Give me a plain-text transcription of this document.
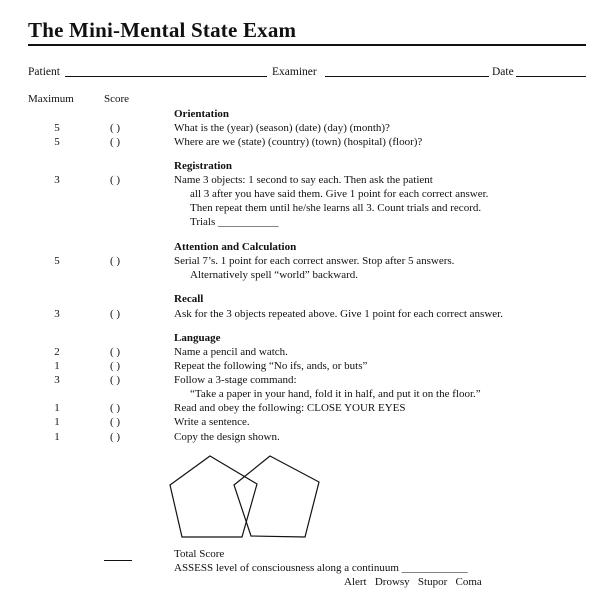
The Mini-Mental State Exam
Patient	Examiner	Date
Maximum	Score
Orientation
5	( )	What is the (year) (season) (date) (day) (month)?
5	( )	Where are we (state) (country) (town) (hospital) (floor)?
Registration
3	( )	Name 3 objects: 1 second to say each. Then ask the patient
all 3 after you have said them. Give 1 point for each correct answer.
Then repeat them until he/she learns all 3. Count trials and record.
Trials ___________
Attention and Calculation
5	( )	Serial 7’s. 1 point for each correct answer. Stop after 5 answers.
Alternatively spell “world” backward.
Recall
3	( )	Ask for the 3 objects repeated above. Give 1 point for each correct answer.
Language
2	( )	Name a pencil and watch.
1	( )	Repeat the following “No ifs, ands, or buts”
3	( )	Follow a 3-stage command:
“Take a paper in your hand, fold it in half, and put it on the floor.”
1	( )	Read and obey the following: CLOSE YOUR EYES
1	( )	Write a sentence.
1	( )	Copy the design shown.
Total Score
ASSESS level of consciousness along a continuum ____________
Alert   Drowsy   Stupor   Coma
